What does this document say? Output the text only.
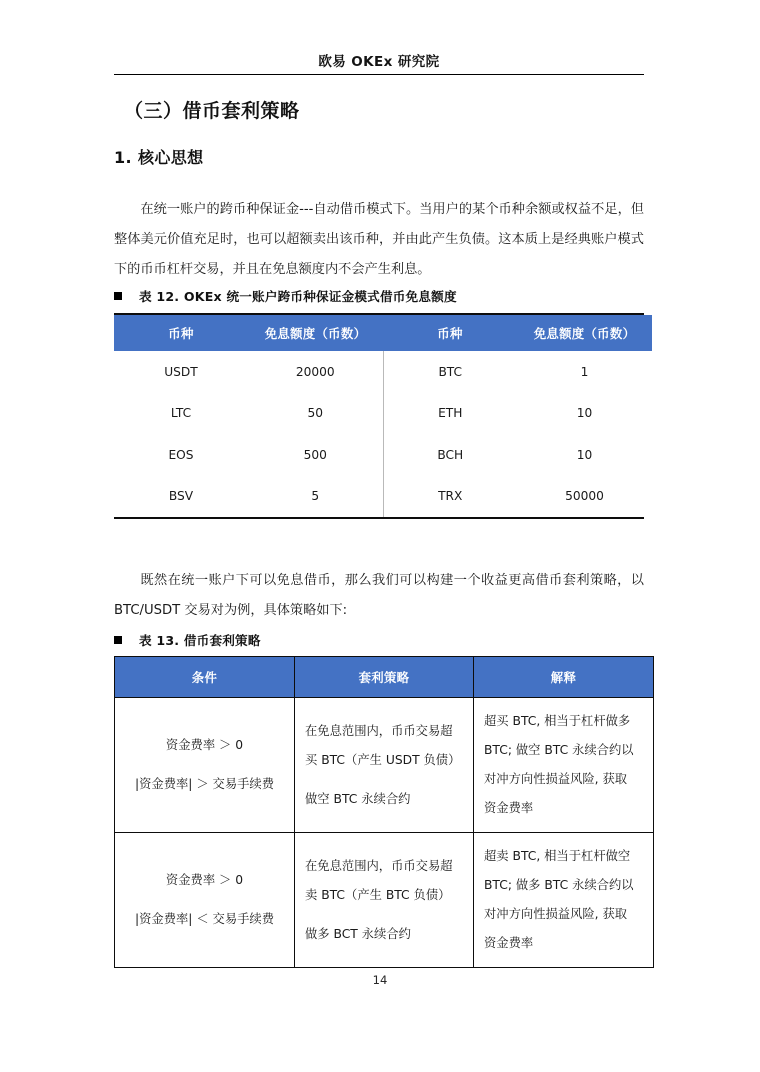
欧易 OKEx 研究院
（三）借币套利策略
1. 核心思想

在统一账户的跨币种保证金---自动借币模式下。当用户的某个币种余额或权益不足，但整体美元价值充足时，也可以超额卖出该币种，并由此产生负债。这本质上是经典账户模式下的币币杠杆交易，并且在免息额度内不会产生利息。

表 12. OKEx 统一账户跨币种保证金模式借币免息额度
币种	免息额度（币数）	币种	免息额度（币数）
USDT	20000	BTC	1
LTC	50	ETH	10
EOS	500	BCH	10
BSV	5	TRX	50000

既然在统一账户下可以免息借币，那么我们可以构建一个收益更高借币套利策略，以 BTC/USDT 交易对为例，具体策略如下:

表 13. 借币套利策略
条件	套利策略	解释

资金费率 ＞ 0
|资金费率| ＞ 交易手续费	在免息范围内，币币交易超
买 BTC（产生 USDT 负债）
做空 BTC 永续合约	超买 BTC, 相当于杠杆做多
BTC; 做空 BTC 永续合约以
对冲方向性损益风险, 获取
资金费率

资金费率 ＞ 0
|资金费率| ＜ 交易手续费	在免息范围内，币币交易超
卖 BTC（产生 BTC 负债）
做多 BCT 永续合约	超卖 BTC, 相当于杠杆做空
BTC; 做多 BTC 永续合约以
对冲方向性损益风险, 获取
资金费率
14
